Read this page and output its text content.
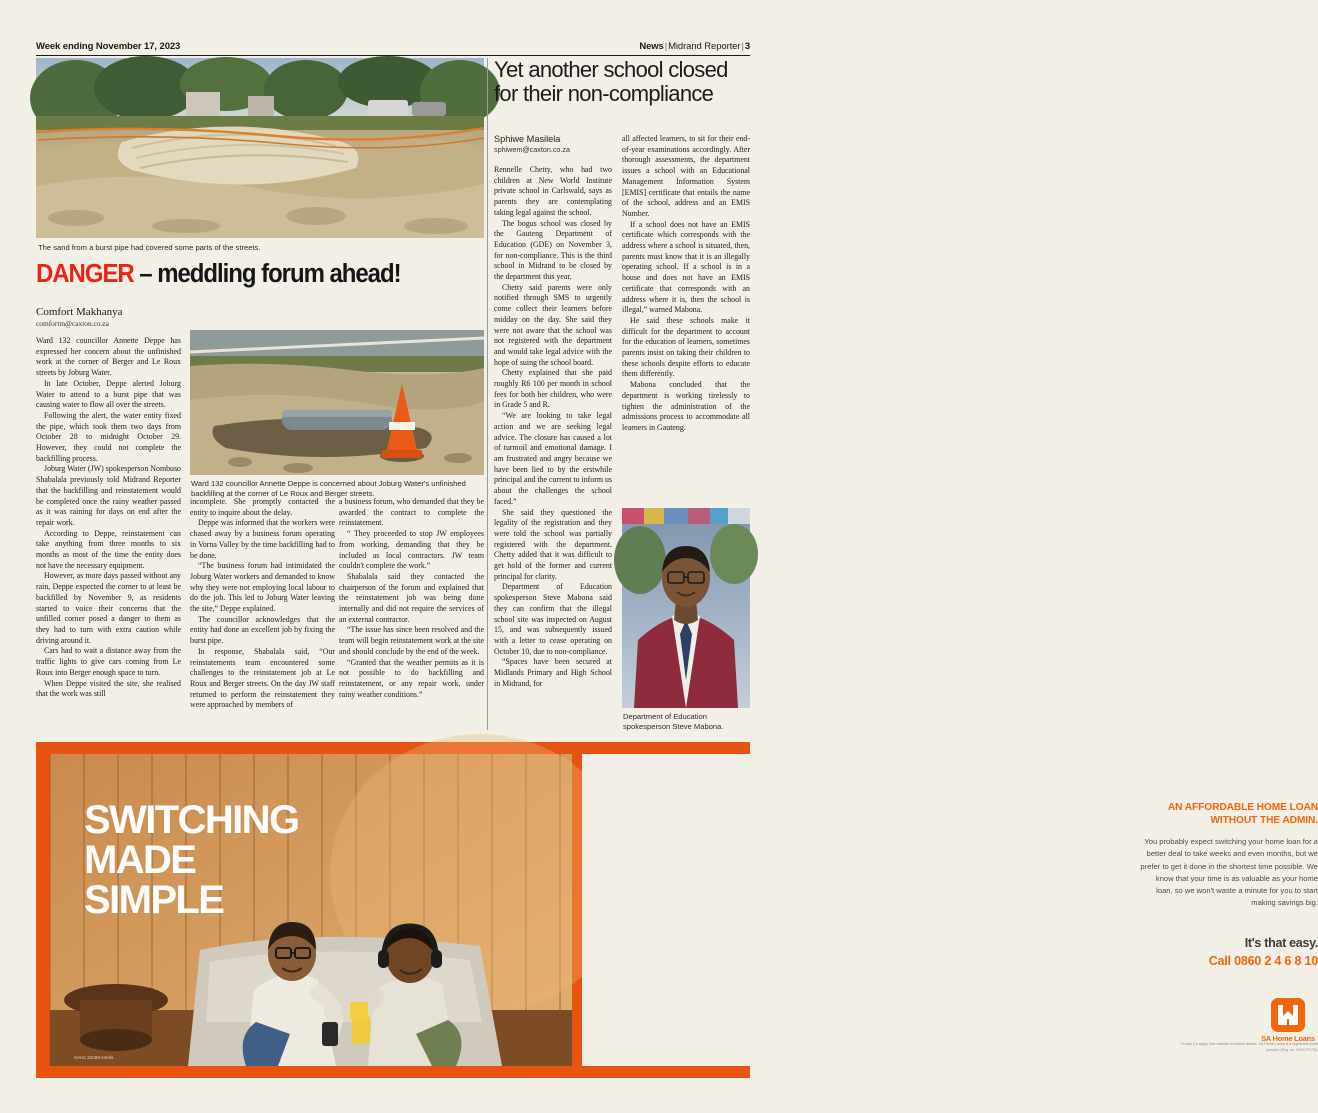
Week ending November 17, 2023	News|Midrand Reporter|3
The sand from a burst pipe had covered some parts of the streets.
DANGER – meddling forum ahead!
Comfort Makhanya
comfortm@caxton.co.za
Ward 132 councillor Annette Deppe is concerned about Joburg Water's unfinished backfilling at the corner of Le Roux and Berger streets.

Ward 132 councillor Annette Deppe has expressed her concern about the unfinished work at the corner of Berger and Le Roux streets by Joburg Water.

In late October, Deppe alerted Joburg Water to attend to a burst pipe that was causing water to flow all over the streets.

Following the alert, the water entity fixed the pipe, which took them two days from October 28 to midnight October 29. However, they could not complete the backfilling process.

Joburg Water (JW) spokesperson Nombuso Shabalala previously told Midrand Reporter that the backfilling and reinstatement would be completed once the rainy weather passed as it was raining for days on end after the repair work.

According to Deppe, reinstatement can take anything from three months to six months as most of the time the entity does not have the necessary equipment.

However, as more days passed without any rain, Deppe expected the corner to at least be backfilled by November 9, as residents started to voice their concerns that the unfilled corner posed a danger to them as they had to turn with extra caution while driving around it.

Cars had to wait a distance away from the traffic lights to give cars coming from Le Roux into Berger enough space to turn.

When Deppe visited the site, she realised that the work was still

incomplete. She promptly contacted the entity to inquire about the delay.

Deppe was informed that the workers were chased away by a business forum operating in Vorna Valley by the time backfilling had to be done.

“The business forum had intimidated the Joburg Water workers and demanded to know why they were not employing local labour to do the job. This led to Joburg Water leaving the site,” Deppe explained.

The councillor acknowledges that the entity had done an excellent job by fixing the burst pipe.

In response, Shabalala said, “Our reinstatements team encountered some challenges to the reinstatement job at Le Roux and Berger streets. On the day JW staff returned to perform the reinstatement they were approached by members of

a business forum, who demanded that they be awarded the contract to complete the reinstatement.

“ They proceeded to stop JW employees from working, demanding that they be included as local contractors. JW team couldn't complete the work.”

Shabalala said they contacted the chairperson of the forum and explained that the reinstatement job was being done internally and did not require the services of an external contractor.

“The issue has since been resolved and the team will begin reinstatement work at the site and should conclude by the end of the week.

“Granted that the weather permits as it is not possible to do backfilling and reinstatement, or any repair work, under rainy weather conditions.”

Yet another school closed for their non-compliance
Sphiwe Masilela
sphiwem@caxton.co.za

Rennelle Chetty, who had two children at New World Institute private school in Carlswald, says as parents they are contemplating taking legal against the school.

The bogus school was closed by the Gauteng Department of Education (GDE) on November 3, for non-compliance. This is the third school in Midrand to be closed by the department this year.

Chetty said parents were only notified through SMS to urgently come collect their learners before midday on the day. She said they were not aware that the school was not registered with the department and would take legal advice with the hope of suing the school board.

Chetty explained that she paid roughly R6 100 per month in school fees for both her children, who were in Grade 5 and R.

“We are looking to take legal action and we are seeking legal advice. The closure has caused a lot of turmoil and emotional damage. I am frustrated and angry because we have been lied to by the erstwhile principal and the current to inform us about the challenges the school faced.”

She said they questioned the legality of the registration and they were told the school was partially registered with the department. Chetty added that it was difficult to get hold of the former and current principal for clarity.

Department of Education spokesperson Steve Mabona said they can confirm that the illegal school site was inspected on August 15, and was subsequently issued with a letter to cease operating on October 10, due to non-compliance.

“Spaces have been secured at Midlands Primary and High School in Midrand, for

all affected learners, to sit for their end-of-year examinations accordingly. After thorough assessments, the department issues a school with an Educational Management Information System [EMIS] certificate that entails the name of the school, address and an EMIS Number.

If a school does not have an EMIS certificate which corresponds with the address where a school is situated, then, parents must know that it is an illegally operating school. If a school is in a house and does not have an EMIS certificate that corresponds with an address where it is, then the school is illegal,” warned Mabona.

He said these schools make it difficult for the department to account for the education of learners, sometimes parents insist on taking their children to these schools despite efforts to educate them differently.

Mabona concluded that the department is working tirelessly to tighten the administration of the admissions process to accommodate all learners in Gauteng.

Department of Education spokesperson Steve Mabona.
SAHL 23289 cm/ds
SWITCHING
MADE
SIMPLE
AN AFFORDABLE HOME LOAN WITHOUT THE ADMIN.
You probably expect switching your home loan for a better deal to take weeks and even months, but we prefer to get it done in the shortest time possible. We know that your time is as valuable as your home loan, so we won't waste a minute for you to start making savings big.
It's that easy.
Call 0860 2 4 6 8 10
SA Home Loans
T's and C's apply. See website for further details. SA Home Loans is a registered credit provider (Reg. no. NCRCP1735.
